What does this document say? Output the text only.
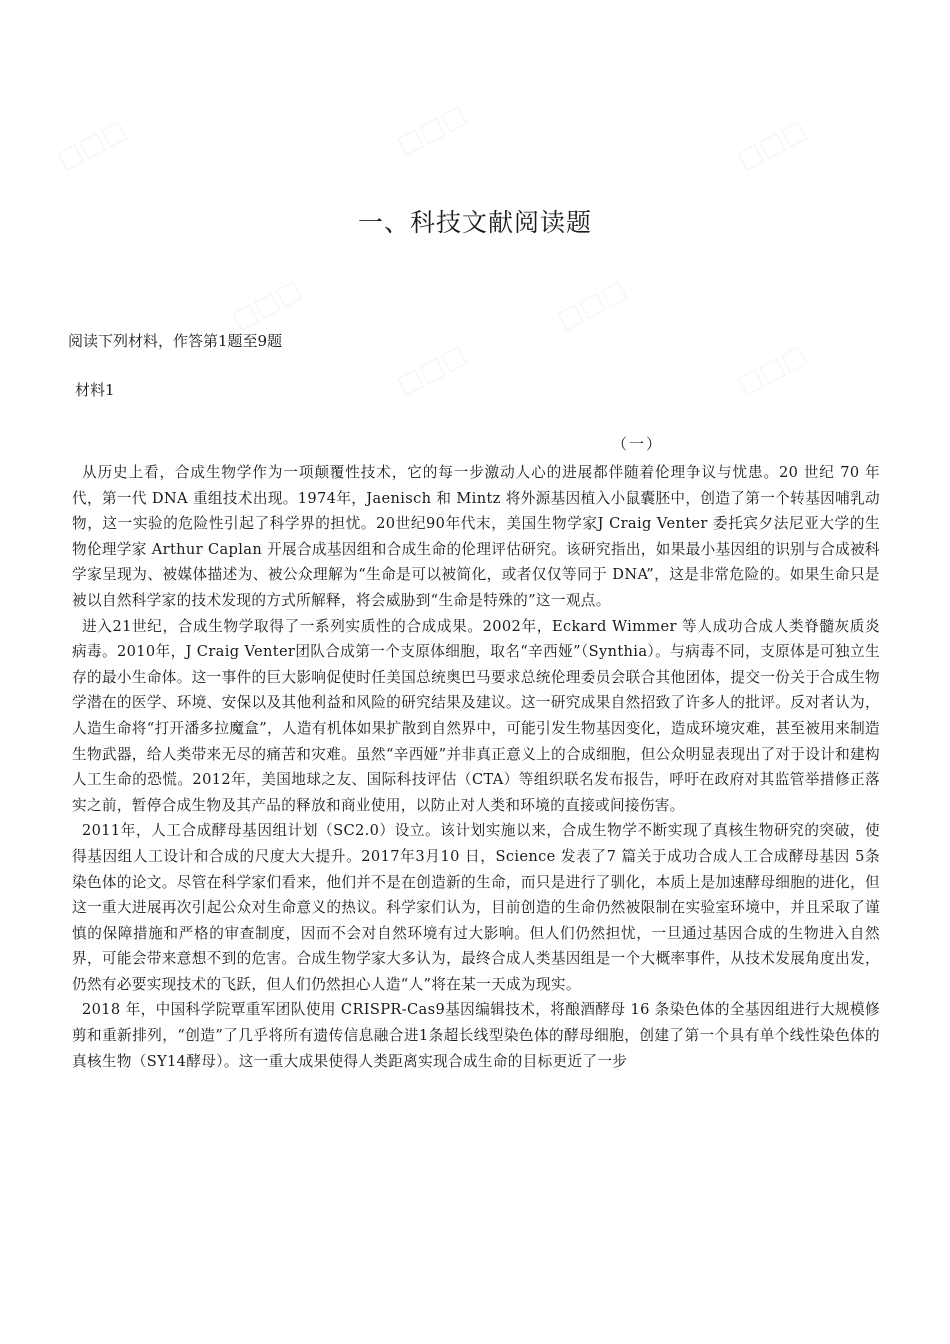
一、科技文献阅读题
阅读下列材料，作答第1题至9题
材料1
（一）

从历史上看，合成生物学作为一项颠覆性技术，它的每一步激动人心的进展都伴随着伦理争议与忧患。20 世纪 70 年代，第一代 DNA 重组技术出现。1974年，Jaenisch 和 Mintz 将外源基因植入小鼠囊胚中，创造了第一个转基因哺乳动物，这一实验的危险性引起了科学界的担忧。20世纪90年代末，美国生物学家J Craig Venter 委托宾夕法尼亚大学的生物伦理学家 Arthur Caplan 开展合成基因组和合成生命的伦理评估研究。该研究指出，如果最小基因组的识别与合成被科学家呈现为、被媒体描述为、被公众理解为“生命是可以被简化，或者仅仅等同于 DNA”，这是非常危险的。如果生命只是被以自然科学家的技术发现的方式所解释，将会威胁到“生命是特殊的”这一观点。

进入21世纪，合成生物学取得了一系列实质性的合成成果。2002年，Eckard Wimmer 等人成功合成人类脊髓灰质炎病毒。2010年，J Craig Venter团队合成第一个支原体细胞，取名“辛西娅”（Synthia）。与病毒不同，支原体是可独立生存的最小生命体。这一事件的巨大影响促使时任美国总统奥巴马要求总统伦理委员会联合其他团体，提交一份关于合成生物学潜在的医学、环境、安保以及其他利益和风险的研究结果及建议。这一研究成果自然招致了许多人的批评。反对者认为，人造生命将“打开潘多拉魔盒”，人造有机体如果扩散到自然界中，可能引发生物基因变化，造成环境灾难，甚至被用来制造生物武器，给人类带来无尽的痛苦和灾难。虽然“辛西娅”并非真正意义上的合成细胞，但公众明显表现出了对于设计和建构人工生命的恐慌。2012年，美国地球之友、国际科技评估（CTA）等组织联名发布报告，呼吁在政府对其监管举措修正落实之前，暂停合成生物及其产品的释放和商业使用，以防止对人类和环境的直接或间接伤害。

2011年，人工合成酵母基因组计划（SC2.0）设立。该计划实施以来，合成生物学不断实现了真核生物研究的突破，使得基因组人工设计和合成的尺度大大提升。2017年3月10 日，Science 发表了7 篇关于成功合成人工合成酵母基因 5条染色体的论文。尽管在科学家们看来，他们并不是在创造新的生命，而只是进行了驯化，本质上是加速酵母细胞的进化，但这一重大进展再次引起公众对生命意义的热议。科学家们认为，目前创造的生命仍然被限制在实验室环境中，并且采取了谨慎的保障措施和严格的审查制度，因而不会对自然环境有过大影响。但人们仍然担忧，一旦通过基因合成的生物进入自然界，可能会带来意想不到的危害。合成生物学家大多认为，最终合成人类基因组是一个大概率事件，从技术发展角度出发，仍然有必要实现技术的飞跃，但人们仍然担心人造“人”将在某一天成为现实。

2018 年，中国科学院覃重军团队使用 CRISPR-Cas9基因编辑技术，将酿酒酵母 16 条染色体的全基因组进行大规模修剪和重新排列，“创造”了几乎将所有遗传信息融合进1条超长线型染色体的酵母细胞，创建了第一个具有单个线性染色体的真核生物（SY14酵母）。这一重大成果使得人类距离实现合成生命的目标更近了一步
